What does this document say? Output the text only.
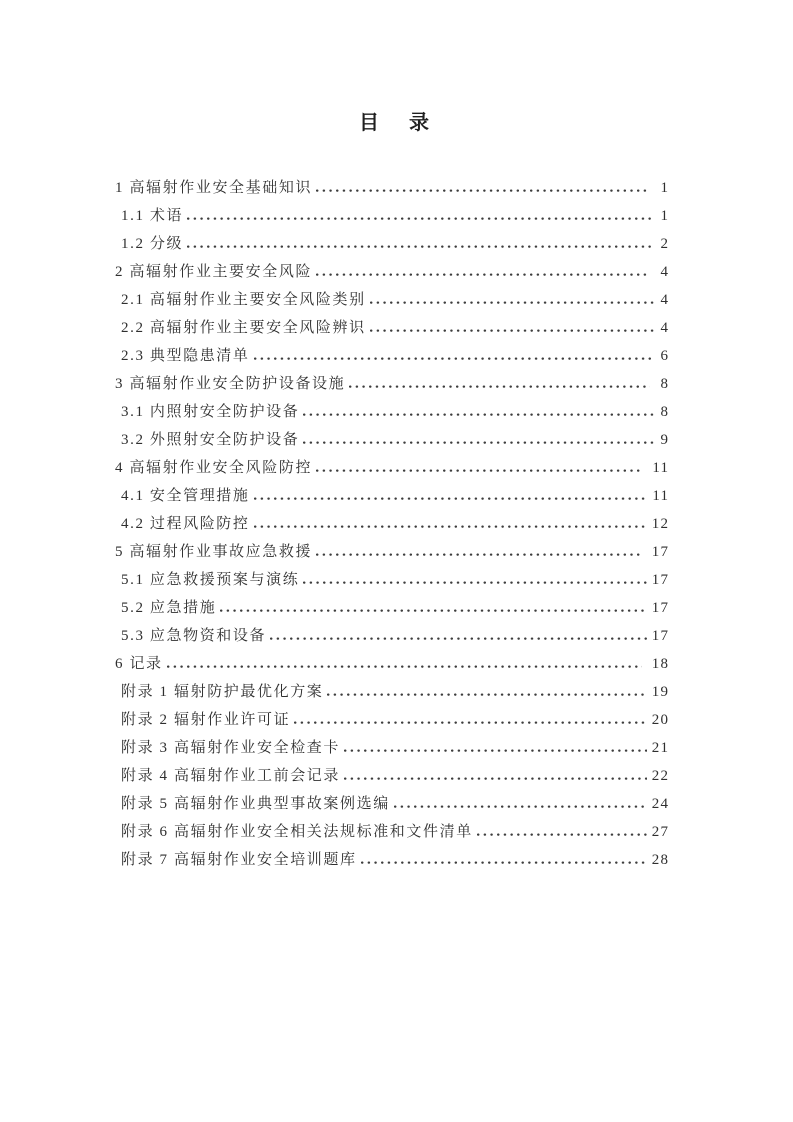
目　录
1 高辐射作业安全基础知识	1
1.1 术语	1
1.2 分级	2
2 高辐射作业主要安全风险	4
2.1 高辐射作业主要安全风险类别	4
2.2 高辐射作业主要安全风险辨识	4
2.3 典型隐患清单	6
3 高辐射作业安全防护设备设施	8
3.1 内照射安全防护设备	8
3.2 外照射安全防护设备	9
4 高辐射作业安全风险防控	11
4.1 安全管理措施	11
4.2 过程风险防控	12
5 高辐射作业事故应急救援	17
5.1 应急救援预案与演练	17
5.2 应急措施	17
5.3 应急物资和设备	17
6 记录	18
附录 1 辐射防护最优化方案	19
附录 2 辐射作业许可证	20
附录 3 高辐射作业安全检查卡	21
附录 4 高辐射作业工前会记录	22
附录 5 高辐射作业典型事故案例选编	24
附录 6 高辐射作业安全相关法规标准和文件清单	27
附录 7 高辐射作业安全培训题库	28
